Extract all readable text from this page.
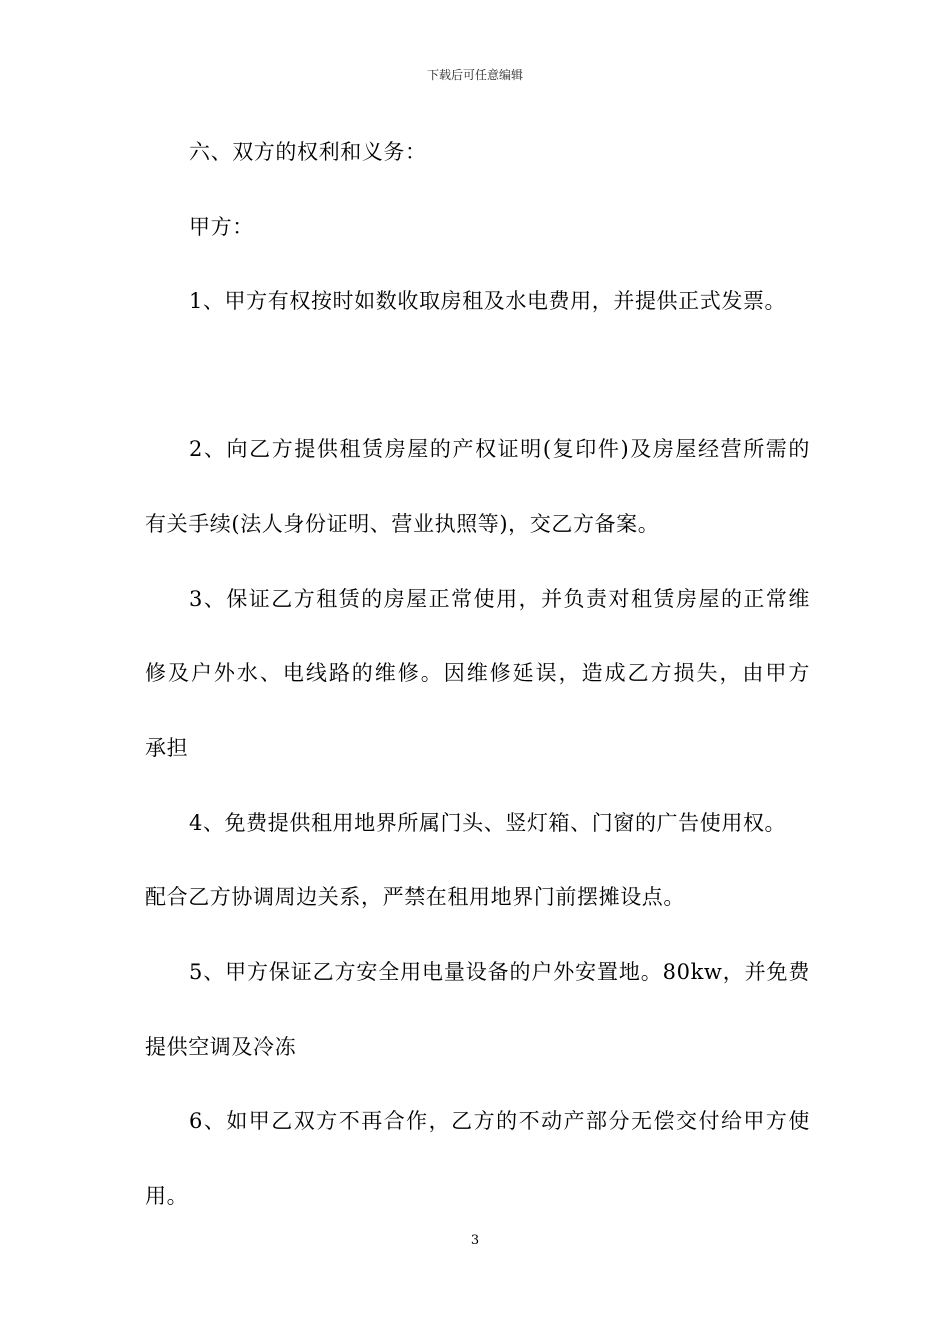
下载后可任意编辑
六、双方的权利和义务：
甲方：
1、甲方有权按时如数收取房租及水电费用，并提供正式发票。
2、向乙方提供租赁房屋的产权证明(复印件)及房屋经营所需的
有关手续(法人身份证明、营业执照等)，交乙方备案。
3、保证乙方租赁的房屋正常使用，并负责对租赁房屋的正常维
修及户外水、电线路的维修。因维修延误，造成乙方损失，由甲方
承担
4、免费提供租用地界所属门头、竖灯箱、门窗的广告使用权。
配合乙方协调周边关系，严禁在租用地界门前摆摊设点。
5、甲方保证乙方安全用电量设备的户外安置地。80kw，并免费
提供空调及冷冻
6、如甲乙双方不再合作，乙方的不动产部分无偿交付给甲方使
用。
3
